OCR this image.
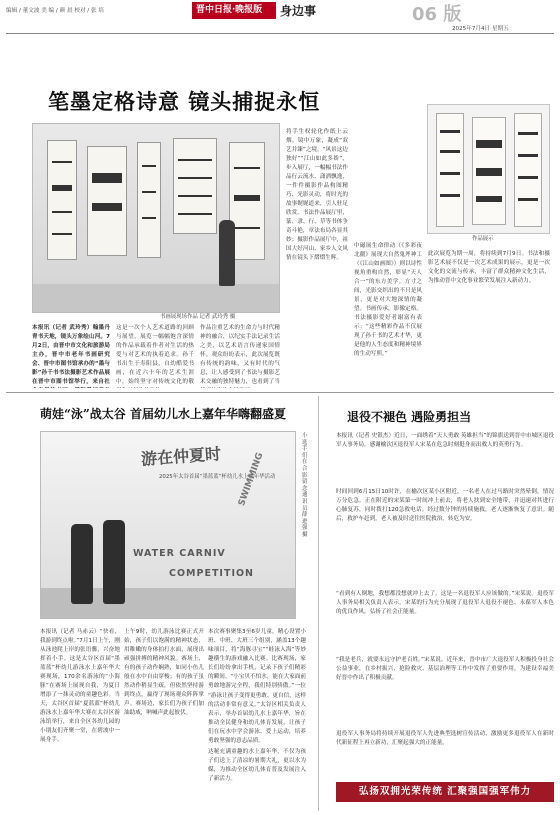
编辑 / 董文波 美 编 / 颜 晨 校对 / 张 培	晋中日报·晚报版	身边事	06 版
2025年7月4日 星期五
笔墨定格诗意 镜头捕捉永恒
书画展现场作品 记者 武玲秀 摄
作品展示
本报讯（记者 武玲秀）翰墨丹青书天地，镜头万象绘山河。7月2日，由晋中市文化和旅游局主办，晋中市老年书画研究会、晋中市图书馆承办的“墨与影”孙千书书法摄影艺术作品展在晋中市图书馆举行，来自社
这是一次个人艺术道路的回顾与展望，展览一幅幅饱含深情的作品承载着作者对生活的热爱与对艺术的执着追求。孙千书出生于寿阳县，自幼酷爱书画，在近六十年的艺术生涯中，始终坚守对传统文化的敬
将手生权轮化作纸上云烟。镜中万象，凝成“双艺并臻”之境。“风景这边独好”“江山如此多娇”，步入展厅，一幅幅书法作品行云流水、潇洒飘逸，一件件摄影作品构图精巧、光影灵动，将时光的故事娓娓道来，引人驻足欣赏。书法作品展厅里，篆、隶、行、草等书体争奇斗艳，章法布局各显其妙；摄影作品展厅中，祖国大好河山、家乡人文风情在镜头下熠熠生辉。
作品注重艺术的生命力与时代精神的融合，以纪实手法记录生活之美，以艺术语言传递家国情怀。观众纷纷表示，此次展览既有传统的韵味，又有时代的气息，让人感受到了书法与摄影艺术交融的独特魅力，也看到了当
中磁展生命律动（《多彩夜北疆》展现大自然鬼斧神工（《江山如画图》）则以诗性视角重构自然，彰显“天人合一”的东方美学。方寸之间，光影交织出的不只是风景，更是对大地深情的凝望。书画传承，影像定格。书法摄影爱好者谢富有表示：“这些精彩作品不仅展现了孙千书的艺术才华，更是他的人生态度和精神境界的生动写照。”
此次展览为期一周，将持续到7月9日。书法和摄影艺术展不仅是一次艺术成果的展示，更是一次文化的交流与传承，丰富了群众精神文化生活，为推动晋中文化事业繁荣发展注入新动力。
萌娃“泳”战太谷 首届幼儿水上嘉年华嗨翻盛夏
游在仲夏时
2025年太谷首届“墨蓝蓝”杯幼儿水上嘉年华活动
WATER CARNIV
COMPETITION
SWIMMING
小选手们在合影留念 通讯员 薛进强 摄
本报讯（记者 马赤云）“快看，我游到终点啦。”7月1日上午，刚从泳池爬上岸的张语馨，兴奋地挥着小手。这是太谷区首届“墨蓝蓝”杯幼儿游泳水上嘉年华大赛现场，170余名游泳的“小海豚”在赛场上展现自我，为夏日增添了一抹灵动的童趣色彩。当天，太谷区首届“夏蓝蓝”杯幼儿游泳水上嘉年华大赛在太谷区游泳馆举行，来自全区各幼儿园的小朋友们齐聚一堂，在碧波中一展身手。
上午9时，幼儿游泳比赛正式开始，孩子们以饱满的精神状态，用稚嫩的身体拍打水面，展现出顽强拼搏的精神风貌。赛场上，有的孩子动作娴熟，如同小鱼儿般在水中自由穿梭；有的孩子虽然动作稍显生疏，但依然坚持游到终点，赢得了现场观众阵阵掌声。赛场边，家长们为孩子们加油助威，呐喊声此起彼伏。
本次赛事聚集3至6岁儿童，精心设置小班、中班、大班三个组别，涵盖13个趣味项目，将“海豚寻宝”“蛙泳入海”等妙趣横生的游戏融入比赛。比赛现场，家长们纷纷拿出手机，记录下孩子们精彩的瞬间。“小宝贝不怕水，能在大家面前勇敢地游完全程，我们特别骄傲。”一位
“游泳让孩子变得更勇敢、更自信，这样的活动非常有意义。”太谷区相关负责人表示，举办首届幼儿水上嘉年华，旨在推动全民健身和幼儿体育发展，让孩子们在玩水中学会游泳、爱上运动，培养勇敢坚强的意志品质。
达秘充满童趣的水上嘉年华，不仅为孩子们送上了清凉的暑期大礼，更以水为媒，为推动全区幼儿体育普及发展注入了新活力。
退役不褪色 遇险勇担当
本报讯（记者 史银杰）近日，一面绣着“天人勇敢 英雄担当”的锦旗送到晋中市城区退役军人事务局，感谢榆次区退役军人宋某在危急时刻挺身而出救人的英勇行为。
时间回到6月15日10时许，在榆次区某小区附近，一名老人在过马路时突然晕倒，情况万分危急。正在附近的宋某第一时间冲上前去，将老人扶到安全地带，并迅速对其进行心肺复苏，同时拨打120急救电话。经过数分钟的持续施救，老人逐渐恢复了意识。随后，救护车赶到，老人被及时送往医院救治，转危为安。
“看到有人倒地，我想都没想就冲上去了，这是一名退役军人应该做的。”宋某说。退役军人事务局相关负责人表示，宋某的行为充分展现了退役军人退役不褪色、永葆军人本色的优良作风，弘扬了社会正能量。
“我是老兵，就要永远守护老百姓。”宋某说。近年来，晋中市广大退役军人积极投身社会公益事业，在乡村振兴、抢险救灾、基层治理等工作中发挥了重要作用，为建设幸福美好晋中作出了积极贡献。
退役军人事务局将持续开展退役军人先进典型选树宣传活动，激励更多退役军人在新时代新征程上再立新功，汇聚起强大的正能量。
弘扬双拥光荣传统 汇聚强国强军伟力
